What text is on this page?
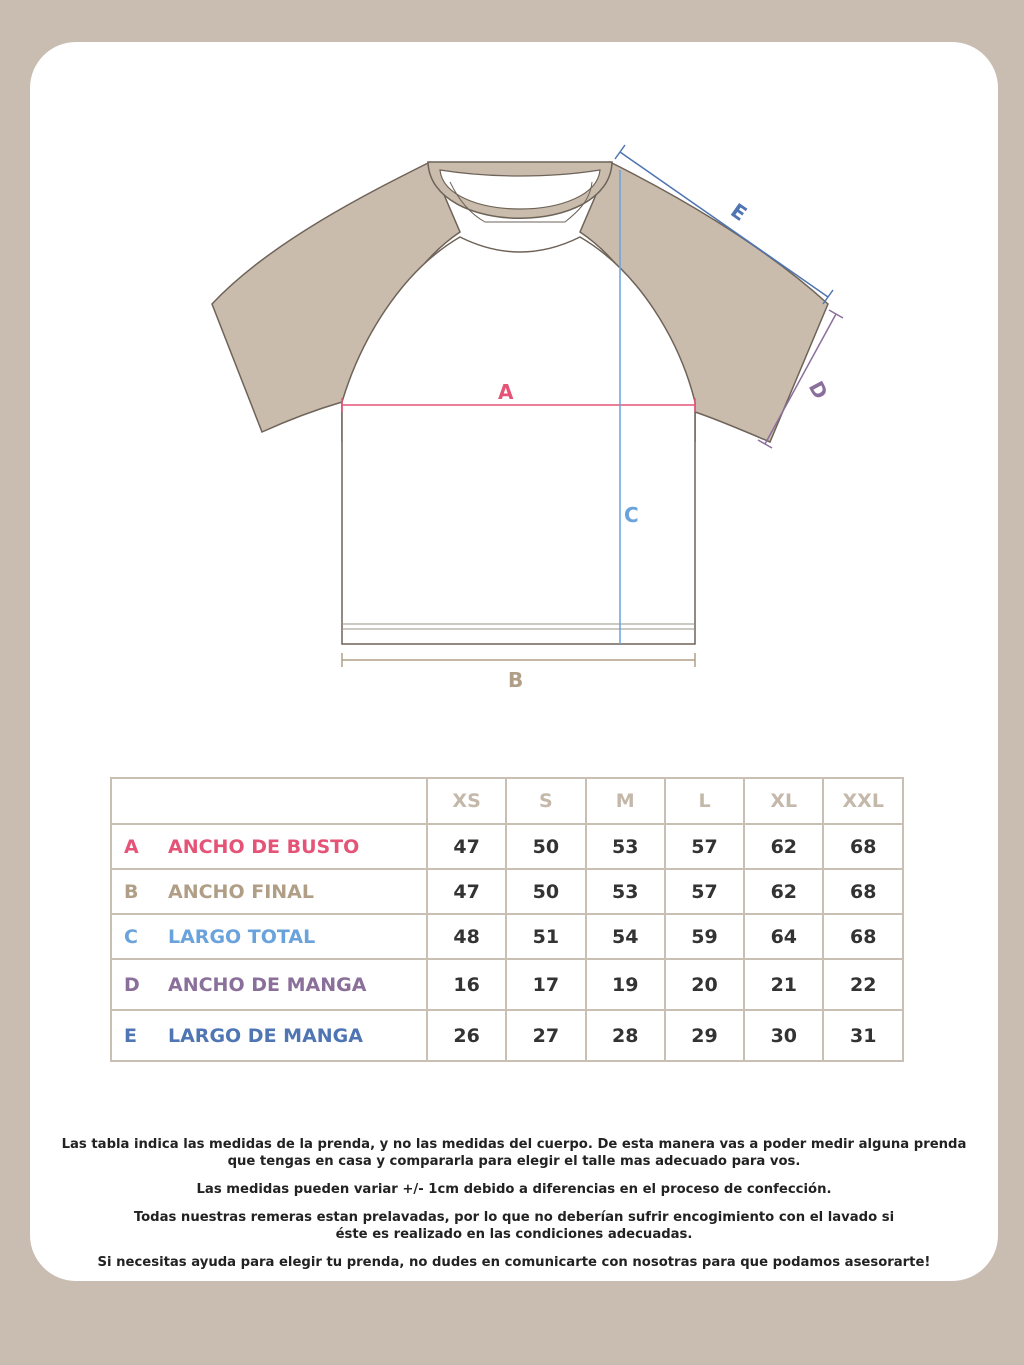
A
B
C
D
E
	XS	S	M	L	XL	XXL
A ANCHO DE BUSTO	47	50	53	57	62	68
B ANCHO FINAL	47	50	53	57	62	68
C LARGO TOTAL	48	51	54	59	64	68
D ANCHO DE MANGA	16	17	19	20	21	22
E LARGO DE MANGA	26	27	28	29	30	31

Las tabla indica las medidas de la prenda, y no las medidas del cuerpo. De esta manera vas a poder medir alguna prenda que tengas en casa y compararla para elegir el talle mas adecuado para vos.

Las medidas pueden variar +/- 1cm debido a diferencias en el proceso de confección.

Todas nuestras remeras estan prelavadas, por lo que no deberían sufrir encogimiento con el lavado si éste es realizado en las condiciones adecuadas.

Si necesitas ayuda para elegir tu prenda, no dudes en comunicarte con nosotras para que podamos asesorarte!
